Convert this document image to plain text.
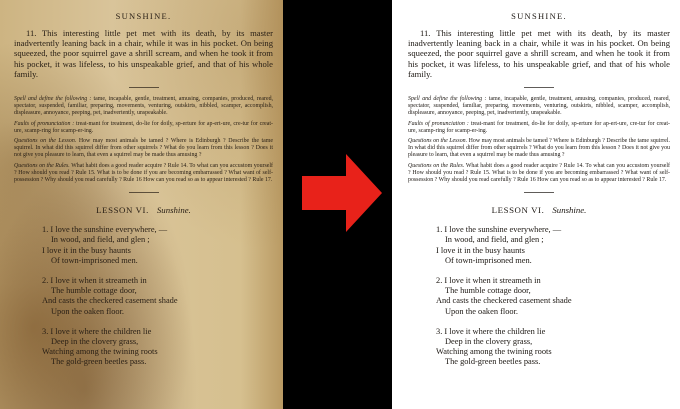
SUNSHINE.

11. This interesting little pet met with its death, by its master inadvertently leaning back in a chair, while it was in his pocket. On being squeezed, the poor squirrel gave a shrill scream, and when he took it from his pocket, it was lifeless, to his unspeakable grief, and that of his whole family.

Spell and define the following : tame, incapable, gentle, treatment, amusing, companies, produced, reared, spectator, suspended, familiar, preparing, movements, venturing, outskirts, nibbled, scamper, accomplish, displeasure, annoyance, peeping, pet, inadvertently, unspeakable.

Faults of pronunciation : treat-mant for treatment, do-lie for doily, sp-erture for ap-ert-ure, cre-tur for creat-ure, scamp-ring for scamp-er-ing.

Questions on the Lesson. How may most animals be tamed ? Where is Edinburgh ? Describe the tame squirrel. In what did this squirrel differ from other squirrels ? What do you learn from this lesson ? Does it not give you pleasure to learn, that even a squirrel may be made thus amusing ?

Questions on the Rules. What habit does a good reader acquire ? Rule 14. To what can you accustom yourself ? How should you read ? Rule 15. What is to be done if you are becoming embarrassed ? What want of self-possession ? Why should you read carefully ? Rule 16 How can you read so as to appear interested ? Rule 17.

LESSON VI. Sunshine.
1. I love the sunshine everywhere, —
In wood, and field, and glen ;
I love it in the busy haunts
Of town-imprisoned men.
2. I love it when it streameth in
The humble cottage door,
And casts the checkered casement shade
Upon the oaken floor.
3. I love it where the children lie
Deep in the clovery grass,
Watching among the twining roots
The gold-green beetles pass.
SUNSHINE.

11. This interesting little pet met with its death, by its master inadvertently leaning back in a chair, while it was in his pocket. On being squeezed, the poor squirrel gave a shrill scream, and when he took it from his pocket, it was lifeless, to his unspeakable grief, and that of his whole family.

Spell and define the following : tame, incapable, gentle, treatment, amusing, companies, produced, reared, spectator, suspended, familiar, preparing, movements, venturing, outskirts, nibbled, scamper, accomplish, displeasure, annoyance, peeping, pet, inadvertently, unspeakable.

Faults of pronunciation : treat-mant for treatment, do-lie for doily, sp-erture for ap-ert-ure, cre-tur for creat-ure, scamp-ring for scamp-er-ing.

Questions on the Lesson. How may most animals be tamed ? Where is Edinburgh ? Describe the tame squirrel. In what did this squirrel differ from other squirrels ? What do you learn from this lesson ? Does it not give you pleasure to learn, that even a squirrel may be made thus amusing ?

Questions on the Rules. What habit does a good reader acquire ? Rule 14. To what can you accustom yourself ? How should you read ? Rule 15. What is to be done if you are becoming embarrassed ? What want of self-possession ? Why should you read carefully ? Rule 16 How can you read so as to appear interested ? Rule 17.

LESSON VI. Sunshine.
1. I love the sunshine everywhere, —
In wood, and field, and glen ;
I love it in the busy haunts
Of town-imprisoned men.
2. I love it when it streameth in
The humble cottage door,
And casts the checkered casement shade
Upon the oaken floor.
3. I love it where the children lie
Deep in the clovery grass,
Watching among the twining roots
The gold-green beetles pass.
